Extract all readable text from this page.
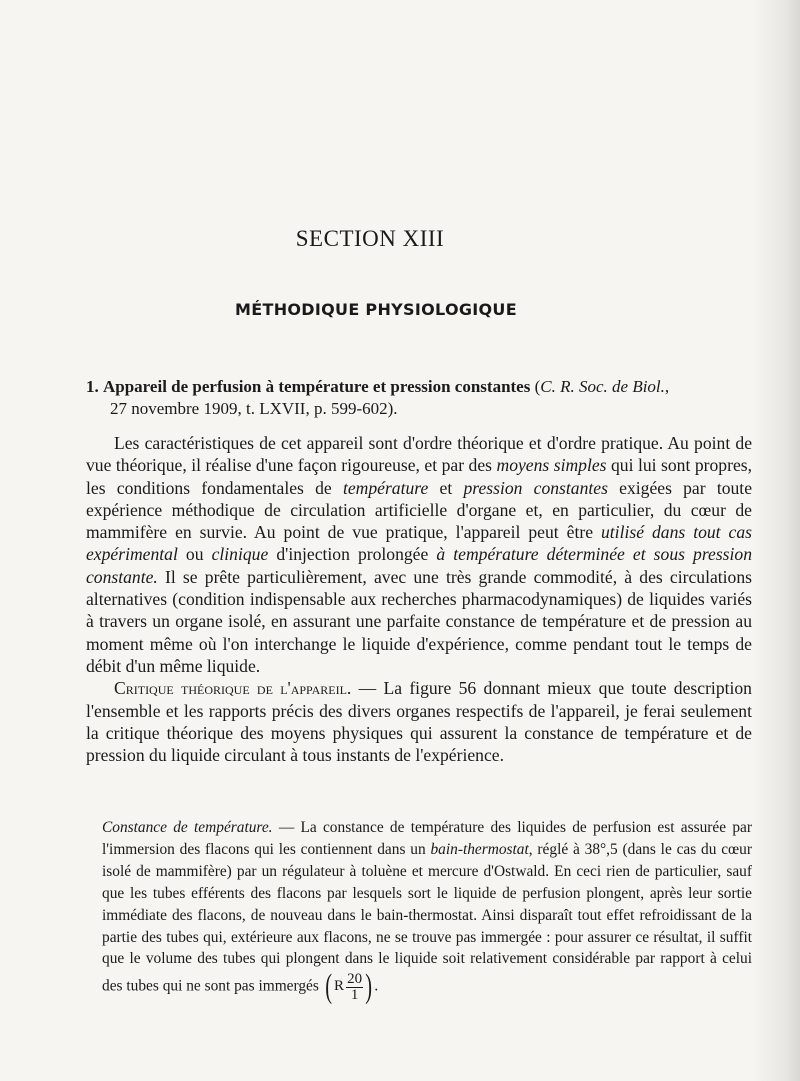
SECTION XIII
MÉTHODIQUE PHYSIOLOGIQUE
1. Appareil de perfusion à température et pression constantes (C. R. Soc. de Biol.,
27 novembre 1909, t. LXVII, p. 599-602).

Les caractéristiques de cet appareil sont d'ordre théorique et d'ordre pratique. Au point de vue théorique, il réalise d'une façon rigoureuse, et par des moyens simples qui lui sont propres, les conditions fondamentales de température et pression constantes exigées par toute expérience méthodique de circulation artificielle d'organe et, en particulier, du cœur de mammifère en survie. Au point de vue pratique, l'appareil peut être utilisé dans tout cas expérimental ou clinique d'injection prolongée à température déterminée et sous pression constante. Il se prête particulièrement, avec une très grande commodité, à des circulations alternatives (condition indispensable aux recherches pharmacodynamiques) de liquides variés à travers un organe isolé, en assurant une parfaite constance de température et de pression au moment même où l'on interchange le liquide d'expérience, comme pendant tout le temps de débit d'un même liquide.

Critique théorique de l'appareil. — La figure 56 donnant mieux que toute description l'ensemble et les rapports précis des divers organes respectifs de l'appareil, je ferai seulement la critique théorique des moyens physiques qui assurent la constance de température et de pression du liquide circulant à tous instants de l'expérience.

Constance de température. — La constance de température des liquides de perfusion est assurée par l'immersion des flacons qui les contiennent dans un bain-thermostat, réglé à 38°,5 (dans le cas du cœur isolé de mammifère) par un régulateur à toluène et mercure d'Ostwald. En ceci rien de particulier, sauf que les tubes efférents des flacons par lesquels sort le liquide de perfusion plongent, après leur sortie immédiate des flacons, de nouveau dans le bain-thermostat. Ainsi disparaît tout effet refroidissant de la partie des tubes qui, extérieure aux flacons, ne se trouve pas immergée : pour assurer ce résultat, il suffit que le volume des tubes qui plongent dans le liquide soit relativement considérable par rapport à celui des tubes qui ne sont pas immergés ( R $\frac{20}{1}$ ) .
